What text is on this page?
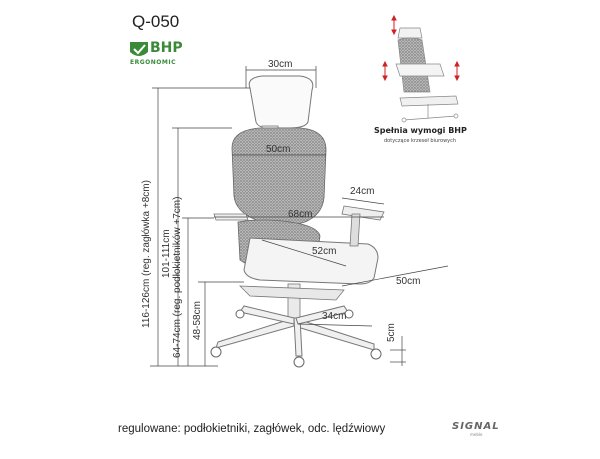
Q-050
BHP
ERGONOMIC
Spełnia wymogi BHP
dotyczące krzeseł biurowych
30cm
50cm
24cm
68cm
52cm
50cm
34cm
5cm
116-126cm (reg. zagłówka +8cm) 101-111cm 64-74cm (reg. podłokietników +7cm) 48-58cm
regulowane: podłokietniki, zagłówek, odc. lędźwiowy	SIGNAL
meble
